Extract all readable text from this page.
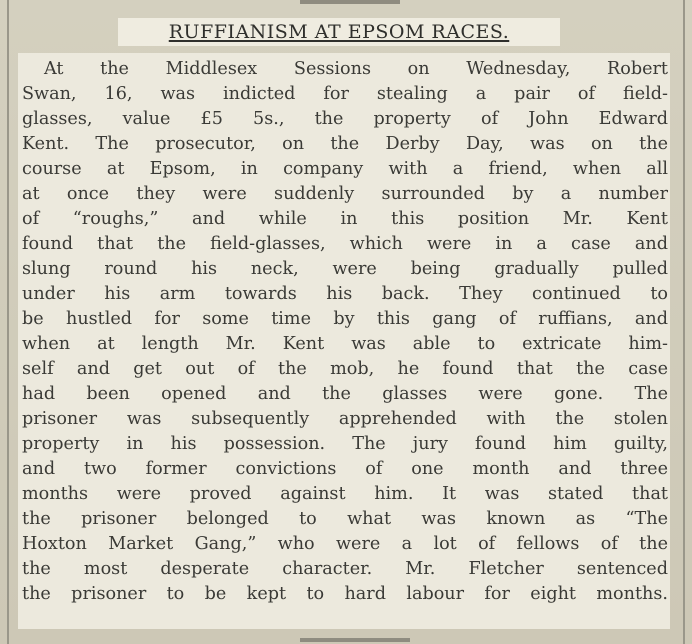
RUFFIANISM AT EPSOM RACES.
At the Middlesex Sessions on Wednesday, Robert
Swan, 16, was indicted for stealing a pair of field-
glasses, value £5 5s., the property of John Edward
Kent. The prosecutor, on the Derby Day, was on the
course at Epsom, in company with a friend, when all
at once they were suddenly surrounded by a number
of “roughs,” and while in this position Mr. Kent
found that the field-glasses, which were in a case and
slung round his neck, were being gradually pulled
under his arm towards his back. They continued to
be hustled for some time by this gang of ruffians, and
when at length Mr. Kent was able to extricate him-
self and get out of the mob, he found that the case
had been opened and the glasses were gone. The
prisoner was subsequently apprehended with the stolen
property in his possession. The jury found him guilty,
and two former convictions of one month and three
months were proved against him. It was stated that
the prisoner belonged to what was known as “The
Hoxton Market Gang,” who were a lot of fellows of the
the most desperate character. Mr. Fletcher sentenced
the prisoner to be kept to hard labour for eight months.
